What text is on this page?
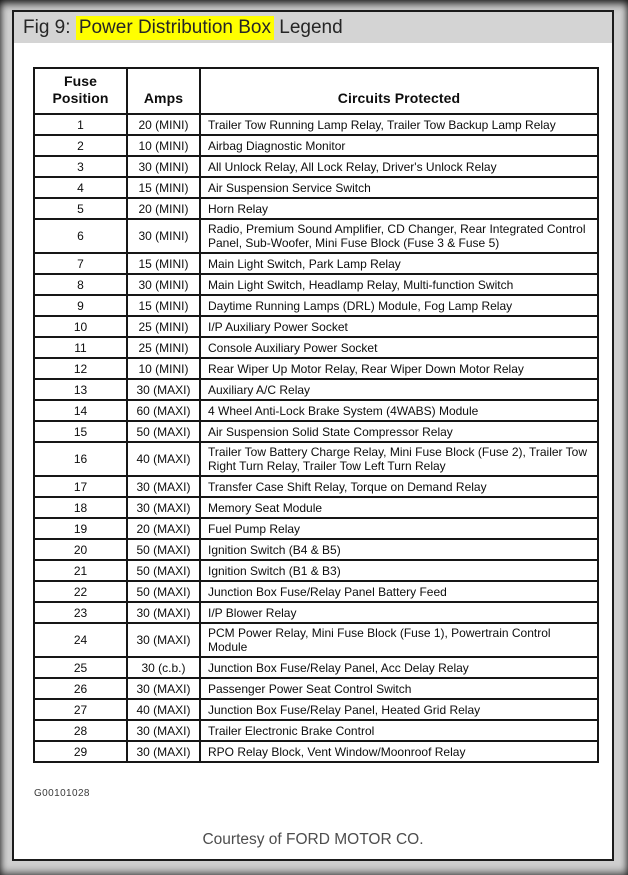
Fig 9: Power Distribution Box Legend
Fuse Position	Amps	Circuits Protected
1	20 (MINI)	Trailer Tow Running Lamp Relay, Trailer Tow Backup Lamp Relay
2	10 (MINI)	Airbag Diagnostic Monitor
3	30 (MINI)	All Unlock Relay, All Lock Relay, Driver's Unlock Relay
4	15 (MINI)	Air Suspension Service Switch
5	20 (MINI)	Horn Relay
6	30 (MINI)	Radio, Premium Sound Amplifier, CD Changer, Rear Integrated Control Panel, Sub-Woofer, Mini Fuse Block (Fuse 3 & Fuse 5)
7	15 (MINI)	Main Light Switch, Park Lamp Relay
8	30 (MINI)	Main Light Switch, Headlamp Relay, Multi-function Switch
9	15 (MINI)	Daytime Running Lamps (DRL) Module, Fog Lamp Relay
10	25 (MINI)	I/P Auxiliary Power Socket
11	25 (MINI)	Console Auxiliary Power Socket
12	10 (MINI)	Rear Wiper Up Motor Relay, Rear Wiper Down Motor Relay
13	30 (MAXI)	Auxiliary A/C Relay
14	60 (MAXI)	4 Wheel Anti-Lock Brake System (4WABS) Module
15	50 (MAXI)	Air Suspension Solid State Compressor Relay
16	40 (MAXI)	Trailer Tow Battery Charge Relay, Mini Fuse Block (Fuse 2), Trailer Tow Right Turn Relay, Trailer Tow Left Turn Relay
17	30 (MAXI)	Transfer Case Shift Relay, Torque on Demand Relay
18	30 (MAXI)	Memory Seat Module
19	20 (MAXI)	Fuel Pump Relay
20	50 (MAXI)	Ignition Switch (B4 & B5)
21	50 (MAXI)	Ignition Switch (B1 & B3)
22	50 (MAXI)	Junction Box Fuse/Relay Panel Battery Feed
23	30 (MAXI)	I/P Blower Relay
24	30 (MAXI)	PCM Power Relay, Mini Fuse Block (Fuse 1), Powertrain Control Module
25	30 (c.b.)	Junction Box Fuse/Relay Panel, Acc Delay Relay
26	30 (MAXI)	Passenger Power Seat Control Switch
27	40 (MAXI)	Junction Box Fuse/Relay Panel, Heated Grid Relay
28	30 (MAXI)	Trailer Electronic Brake Control
29	30 (MAXI)	RPO Relay Block, Vent Window/Moonroof Relay
G00101028
Courtesy of FORD MOTOR CO.
